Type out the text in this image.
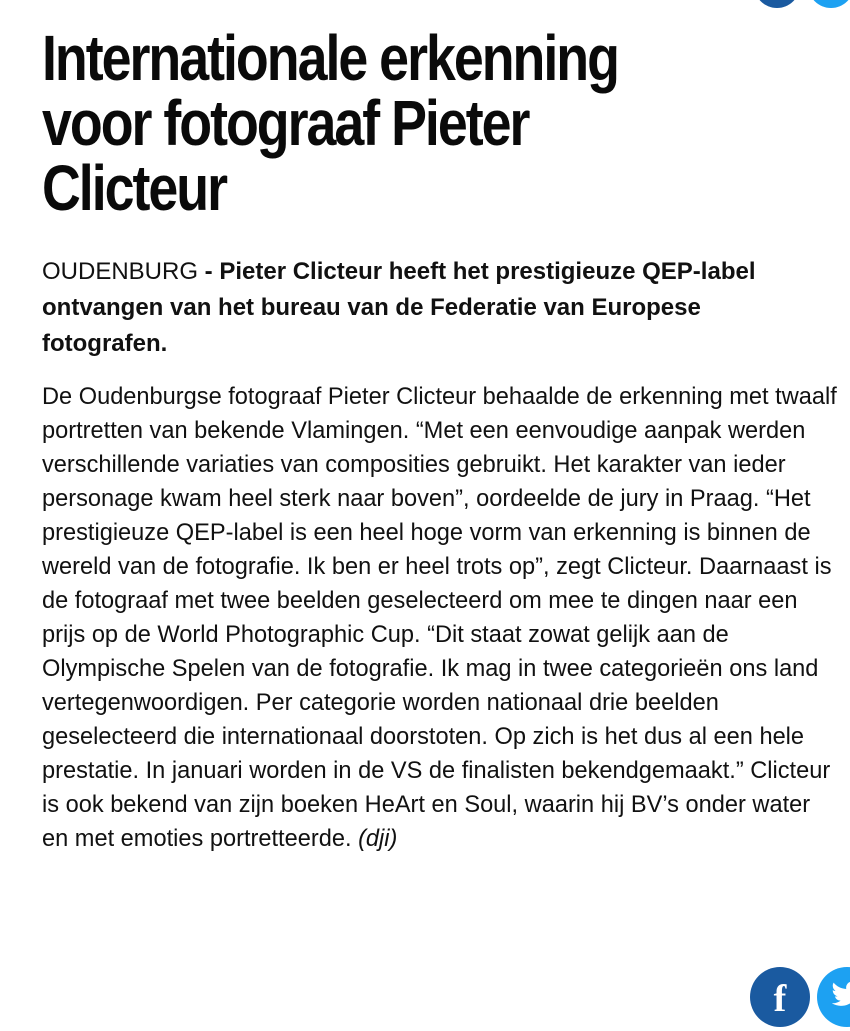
Internationale erkenning voor fotograaf Pieter Clicteur

OUDENBURG - Pieter Clicteur heeft het prestigieuze QEP-label ontvangen van het bureau van de Federatie van Europese fotografen.

De Oudenburgse fotograaf Pieter Clicteur behaalde de erkenning met twaalf portretten van bekende Vlamingen. “Met een eenvoudige aanpak werden verschillende variaties van composities gebruikt. Het karakter van ieder personage kwam heel sterk naar boven”, oordeelde de jury in Praag. “Het prestigieuze QEP-label is een heel hoge vorm van erkenning is binnen de wereld van de fotografie. Ik ben er heel trots op”, zegt Clicteur. Daarnaast is de fotograaf met twee beelden geselecteerd om mee te dingen naar een prijs op de World Photographic Cup. “Dit staat zowat gelijk aan de Olympische Spelen van de fotografie. Ik mag in twee categorieën ons land vertegenwoordigen. Per categorie worden nationaal drie beelden geselecteerd die internationaal doorstoten. Op zich is het dus al een hele prestatie. In januari worden in de VS de finalisten bekendgemaakt.” Clicteur is ook bekend van zijn boeken HeArt en Soul, waarin hij BV’s onder water en met emoties portretteerde. (dji)

f
